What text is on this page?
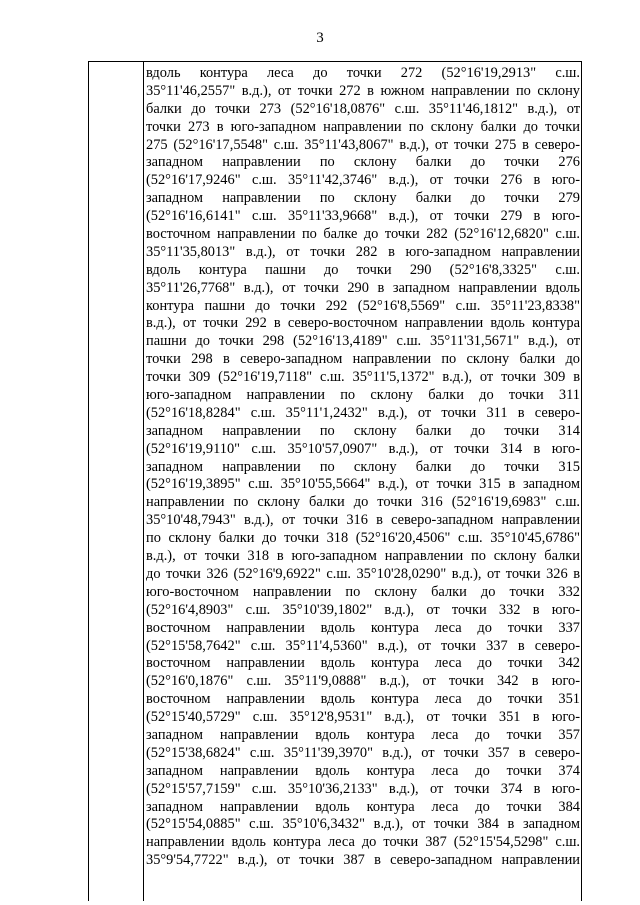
3
вдоль контура леса до точки 272 (52°16'19,2913" с.ш.
35°11'46,2557" в.д.), от точки 272 в южном направлении по склону
балки до точки 273 (52°16'18,0876" с.ш. 35°11'46,1812" в.д.), от
точки 273 в юго-западном направлении по склону балки до точки
275 (52°16'17,5548" с.ш. 35°11'43,8067" в.д.), от точки 275 в северо-
западном направлении по склону балки до точки 276
(52°16'17,9246" с.ш. 35°11'42,3746" в.д.), от точки 276 в юго-
западном направлении по склону балки до точки 279
(52°16'16,6141" с.ш. 35°11'33,9668" в.д.), от точки 279 в юго-
восточном направлении по балке до точки 282 (52°16'12,6820" с.ш.
35°11'35,8013" в.д.), от точки 282 в юго-западном направлении
вдоль контура пашни до точки 290 (52°16'8,3325" с.ш.
35°11'26,7768" в.д.), от точки 290 в западном направлении вдоль
контура пашни до точки 292 (52°16'8,5569" с.ш. 35°11'23,8338"
в.д.), от точки 292 в северо-восточном направлении вдоль контура
пашни до точки 298 (52°16'13,4189" с.ш. 35°11'31,5671" в.д.), от
точки 298 в северо-западном направлении по склону балки до
точки 309 (52°16'19,7118" с.ш. 35°11'5,1372" в.д.), от точки 309 в
юго-западном направлении по склону балки до точки 311
(52°16'18,8284" с.ш. 35°11'1,2432" в.д.), от точки 311 в северо-
западном направлении по склону балки до точки 314
(52°16'19,9110" с.ш. 35°10'57,0907" в.д.), от точки 314 в юго-
западном направлении по склону балки до точки 315
(52°16'19,3895" с.ш. 35°10'55,5664" в.д.), от точки 315 в западном
направлении по склону балки до точки 316 (52°16'19,6983" с.ш.
35°10'48,7943" в.д.), от точки 316 в северо-западном направлении
по склону балки до точки 318 (52°16'20,4506" с.ш. 35°10'45,6786"
в.д.), от точки 318 в юго-западном направлении по склону балки
до точки 326 (52°16'9,6922" с.ш. 35°10'28,0290" в.д.), от точки 326 в
юго-восточном направлении по склону балки до точки 332
(52°16'4,8903" с.ш. 35°10'39,1802" в.д.), от точки 332 в юго-
восточном направлении вдоль контура леса до точки 337
(52°15'58,7642" с.ш. 35°11'4,5360" в.д.), от точки 337 в северо-
восточном направлении вдоль контура леса до точки 342
(52°16'0,1876" с.ш. 35°11'9,0888" в.д.), от точки 342 в юго-
восточном направлении вдоль контура леса до точки 351
(52°15'40,5729" с.ш. 35°12'8,9531" в.д.), от точки 351 в юго-
западном направлении вдоль контура леса до точки 357
(52°15'38,6824" с.ш. 35°11'39,3970" в.д.), от точки 357 в северо-
западном направлении вдоль контура леса до точки 374
(52°15'57,7159" с.ш. 35°10'36,2133" в.д.), от точки 374 в юго-
западном направлении вдоль контура леса до точки 384
(52°15'54,0885" с.ш. 35°10'6,3432" в.д.), от точки 384 в западном
направлении вдоль контура леса до точки 387 (52°15'54,5298" с.ш.
35°9'54,7722" в.д.), от точки 387 в северо-западном направлении
